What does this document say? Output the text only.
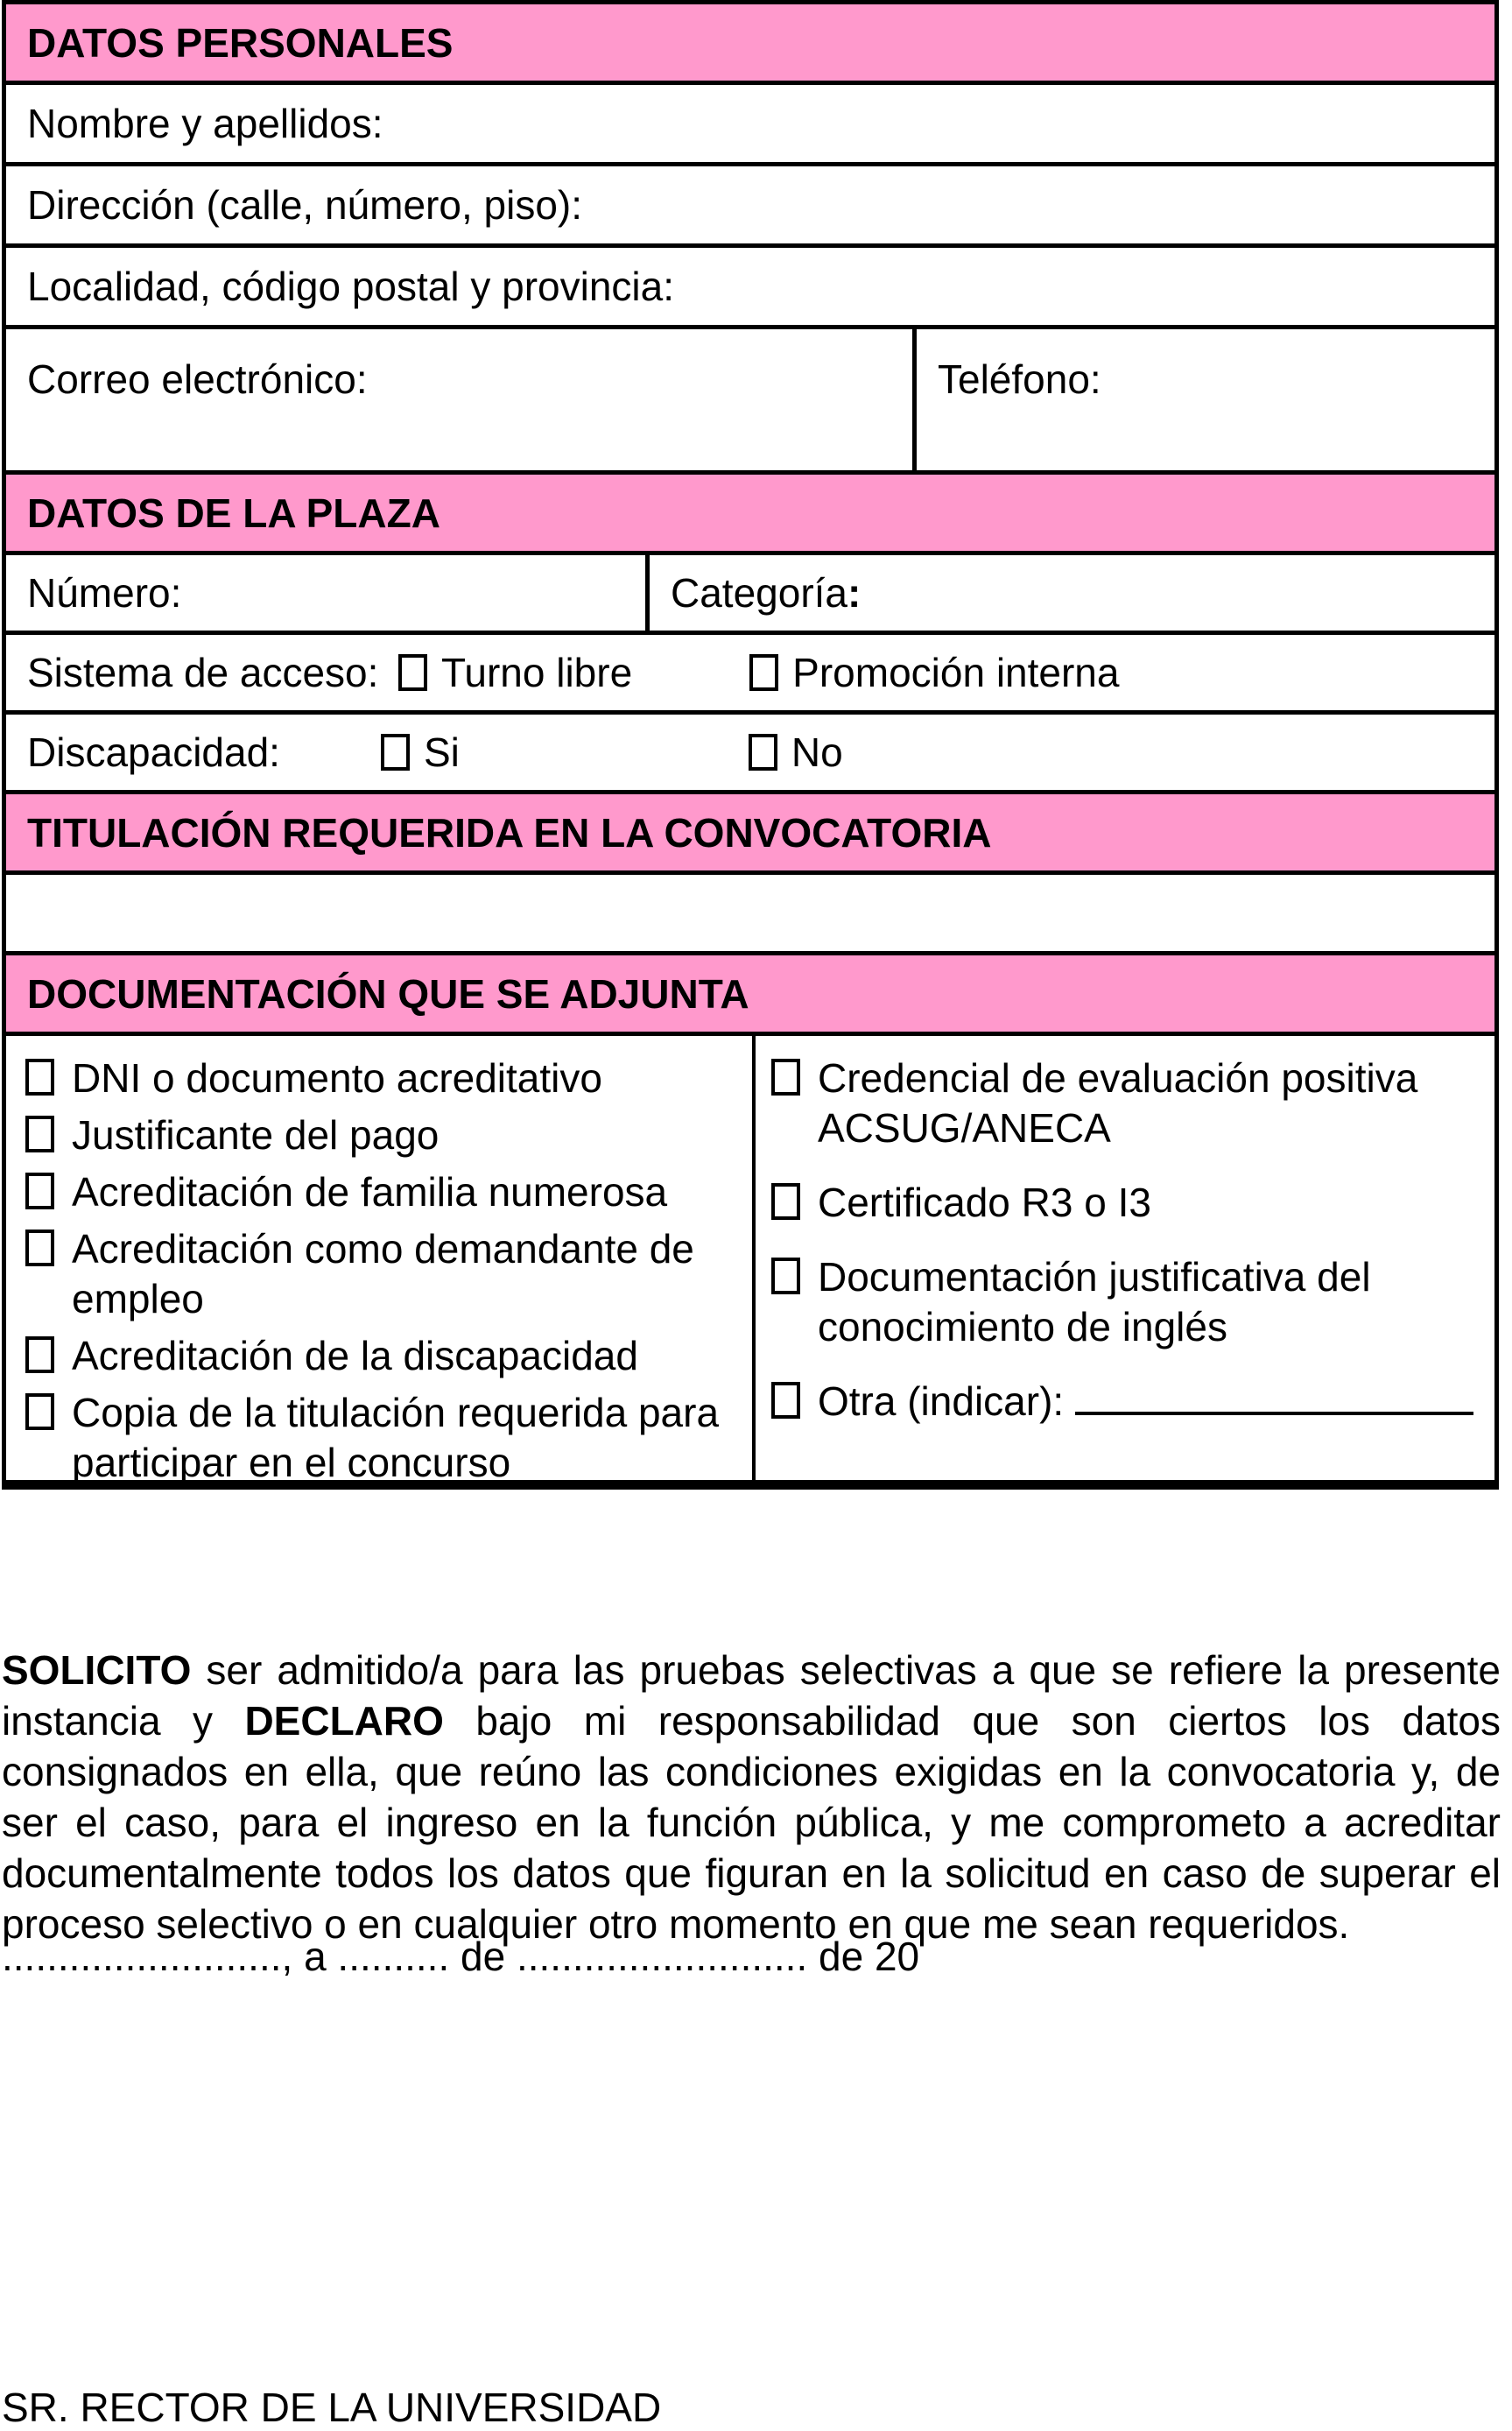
DATOS PERSONALES
Nombre y apellidos:
Dirección (calle, número, piso):
Localidad, código postal y provincia:
Correo electrónico:	Teléfono:
DATOS DE LA PLAZA
Número:	Categoría :
Sistema de acceso:	Turno libre	Promoción interna
Discapacidad:	Si	No
TITULACIÓN REQUERIDA EN LA CONVOCATORIA
DOCUMENTACIÓN QUE SE ADJUNTA
DNI o documento acreditativo
Justificante del pago
Acreditación de familia numerosa
Acreditación como demandante de empleo
Acreditación de la discapacidad
Copia de la titulación requerida para participar en el concurso
Credencial de evaluación positiva ACSUG/ANECA
Certificado R3 o I3
Documentación justificativa del conocimiento de inglés
Otra (indicar):

SOLICITO ser admitido/a para las pruebas selectivas a que se refiere la presente instancia y DECLARO bajo mi responsabilidad que son ciertos los datos consignados en ella, que reúno las condiciones exigidas en la convocatoria y, de ser el caso, para el ingreso en la función pública, y me comprometo a acreditar documentalmente todos los datos que figuran en la solicitud en caso de superar el proceso selectivo o en cualquier otro momento en que me sean requeridos.

........................., a .......... de .......................... de 20
SR. RECTOR DE LA UNIVERSIDAD
